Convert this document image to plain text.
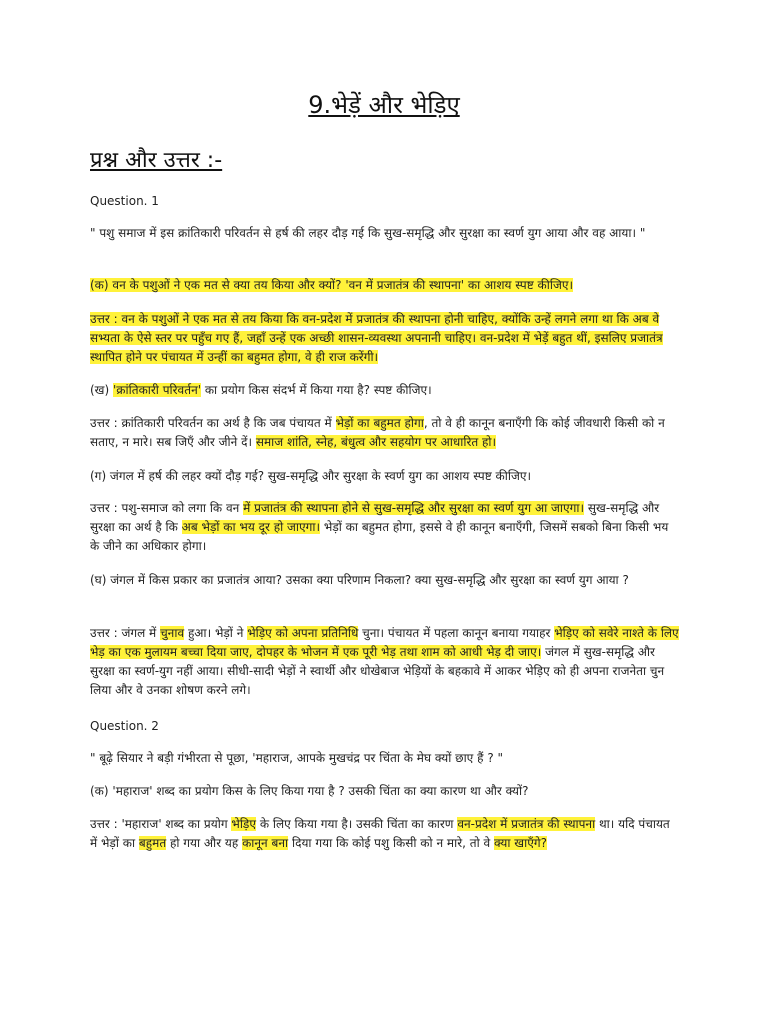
9.भेड़ें और भेड़िए
प्रश्न और उत्तर :-
Question. 1
" पशु समाज में इस क्रांतिकारी परिवर्तन से हर्ष की लहर दौड़ गई कि सुख-समृद्धि और सुरक्षा का स्वर्ण युग आया और वह आया। "
(क) वन के पशुओं ने एक मत से क्या तय किया और क्यों? 'वन में प्रजातंत्र की स्थापना' का आशय स्पष्ट कीजिए।
उत्तर : वन के पशुओं ने एक मत से तय किया कि वन-प्रदेश में प्रजातंत्र की स्थापना होनी चाहिए, क्योंकि उन्हें लगने लगा था कि अब वे सभ्यता के ऐसे स्तर पर पहुँच गए हैं, जहाँ उन्हें एक अच्छी शासन-व्यवस्था अपनानी चाहिए। वन-प्रदेश में भेड़ें बहुत थीं, इसलिए प्रजातंत्र स्थापित होने पर पंचायत में उन्हीं का बहुमत होगा, वे ही राज करेंगी।
(ख) 'क्रांतिकारी परिवर्तन' का प्रयोग किस संदर्भ में किया गया है? स्पष्ट कीजिए।
उत्तर : क्रांतिकारी परिवर्तन का अर्थ है कि जब पंचायत में भेड़ों का बहुमत होगा, तो वे ही कानून बनाएँगी कि कोई जीवधारी किसी को न सताए, न मारे। सब जिएँ और जीने दें। समाज शांति, स्नेह, बंधुत्व और सहयोग पर आधारित हो।
(ग) जंगल में हर्ष की लहर क्यों दौड़ गई? सुख-समृद्धि और सुरक्षा के स्वर्ण युग का आशय स्पष्ट कीजिए।
उत्तर : पशु-समाज को लगा कि वन में प्रजातंत्र की स्थापना होने से सुख-समृद्धि और सुरक्षा का स्वर्ण युग आ जाएगा। सुख-समृद्धि और सुरक्षा का अर्थ है कि अब भेड़ों का भय दूर हो जाएगा। भेड़ों का बहुमत होगा, इससे वे ही कानून बनाएँगी, जिसमें सबको बिना किसी भय के जीने का अधिकार होगा।
(घ) जंगल में किस प्रकार का प्रजातंत्र आया? उसका क्या परिणाम निकला? क्या सुख-समृद्धि और सुरक्षा का स्वर्ण युग आया ?
उत्तर : जंगल में चुनाव हुआ। भेड़ों ने भेड़िए को अपना प्रतिनिधि चुना। पंचायत में पहला कानून बनाया गयाहर भेड़िए को सवेरे नाश्ते के लिए भेड़ का एक मुलायम बच्चा दिया जाए, दोपहर के भोजन में एक पूरी भेड़ तथा शाम को आधी भेड़ दी जाए। जंगल में सुख-समृद्धि और सुरक्षा का स्वर्ण-युग नहीं आया। सीधी-सादी भेड़ों ने स्वार्थी और धोखेबाज भेड़ियों के बहकावे में आकर भेड़िए को ही अपना राजनेता चुन लिया और वे उनका शोषण करने लगे।
Question. 2
" बूढ़े सियार ने बड़ी गंभीरता से पूछा, 'महाराज, आपके मुखचंद्र पर चिंता के मेघ क्यों छाए हैं ? "
(क) 'महाराज' शब्द का प्रयोग किस के लिए किया गया है ? उसकी चिंता का क्या कारण था और क्यों?
उत्तर : 'महाराज' शब्द का प्रयोग भेड़िए के लिए किया गया है। उसकी चिंता का कारण वन-प्रदेश में प्रजातंत्र की स्थापना था। यदि पंचायत में भेड़ों का बहुमत हो गया और यह कानून बना दिया गया कि कोई पशु किसी को न मारे, तो वे क्या खाएँगे?
